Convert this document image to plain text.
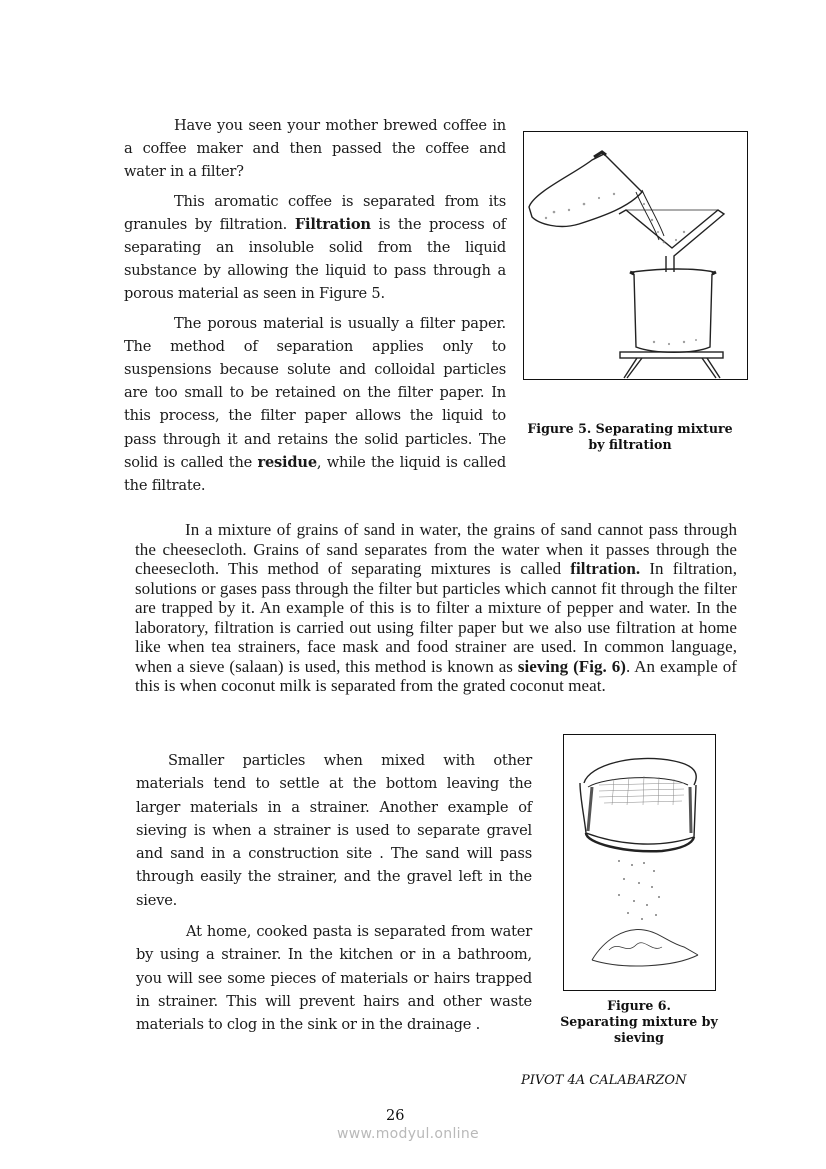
Have you seen your mother brewed coffee in a coffee maker and then passed the coffee and water in a filter?

This aromatic coffee is separated from its granules by filtration. Filtration is the process of separating an insoluble solid from the liquid substance by allowing the liquid to pass through a porous material as seen in Figure 5.

The porous material is usually a filter paper. The method of separation applies only to suspensions because solute and colloidal particles are too small to be retained on the filter paper. In this process, the filter paper allows the liquid to pass through it and retains the solid particles. The solid is called the residue, while the liquid is called the filtrate.

Figure 5. Separating mixture
by filtration

In a mixture of grains of sand in water, the grains of sand cannot pass through the cheesecloth. Grains of sand separates from the water when it passes through the cheesecloth. This method of separating mixtures is called filtration. In filtration, solutions or gases pass through the filter but particles which cannot fit through the filter are trapped by it. An example of this is to filter a mixture of pepper and water. In the laboratory, filtration is carried out using filter paper but we also use filtration at home like when tea strainers, face mask and food strainer are used. In common language, when a sieve (salaan) is used, this method is known as sieving (Fig. 6). An example of this is when coconut milk is separated from the grated coconut meat.

Smaller particles when mixed with other materials tend to settle at the bottom leaving the larger materials in a strainer. Another example of sieving is when a strainer is used to separate gravel and sand in a construction site . The sand will pass through easily the strainer, and the gravel left in the sieve.

At home, cooked pasta is separated from water by using a strainer. In the kitchen or in a bathroom, you will see some pieces of materials or hairs trapped in strainer. This will prevent hairs and other waste materials to clog in the sink or in the drainage .

Figure 6.
Separating mixture by
sieving
PIVOT 4A CALABARZON
26
www.modyul.online
